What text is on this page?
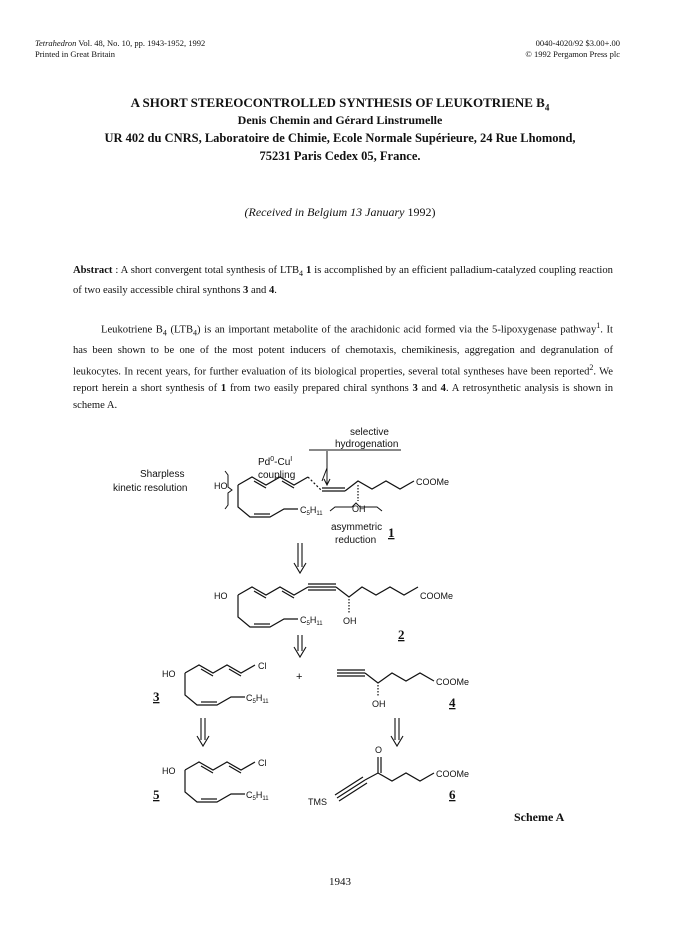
Tetrahedron Vol. 48, No. 10, pp. 1943-1952, 1992
Printed in Great Britain
0040-4020/92 $3.00+.00
© 1992 Pergamon Press plc
A SHORT STEREOCONTROLLED SYNTHESIS OF LEUKOTRIENE $B_4$
Denis Chemin and Gérard Linstrumelle
UR 402 du CNRS, Laboratoire de Chimie, Ecole Normale Supérieure, 24 Rue Lhomond,
75231 Paris Cedex 05, France.
(Received in Belgium 13 January 1992)
Abstract : A short convergent total synthesis of $LTB_4$ 1 is accomplished by an efficient palladium-catalyzed coupling reaction of two easily accessible chiral synthons 3 and 4.
Leukotriene $B_4$ $(LTB_4)$ is an important metabolite of the arachidonic acid formed via the 5-lipoxygenase pathway$^1$. It has been shown to be one of the most potent inducers of chemotaxis, chemikinesis, aggregation and degranulation of leukocytes. In recent years, for further evaluation of its biological properties, several total syntheses have been reported$^2$. We report herein a short synthesis of 1 from two easily prepared chiral synthons 3 and 4. A retrosynthetic analysis is shown in scheme A.
$Pd^0-Cu^I$
coupling
selective
hydrogenation
Sharpless
kinetic resolution
asymmetric
reduction
HO
OH
COOMe
$C_5H_{11}$
1
HO
OH
COOMe
$C_5H_{11}$
2
HO
Cl
$C_5H_{11}$
3
+
OH
COOMe
4
HO
Cl
$C_5H_{11}$
5
O
COOMe
TMS	6
Scheme A
1943
